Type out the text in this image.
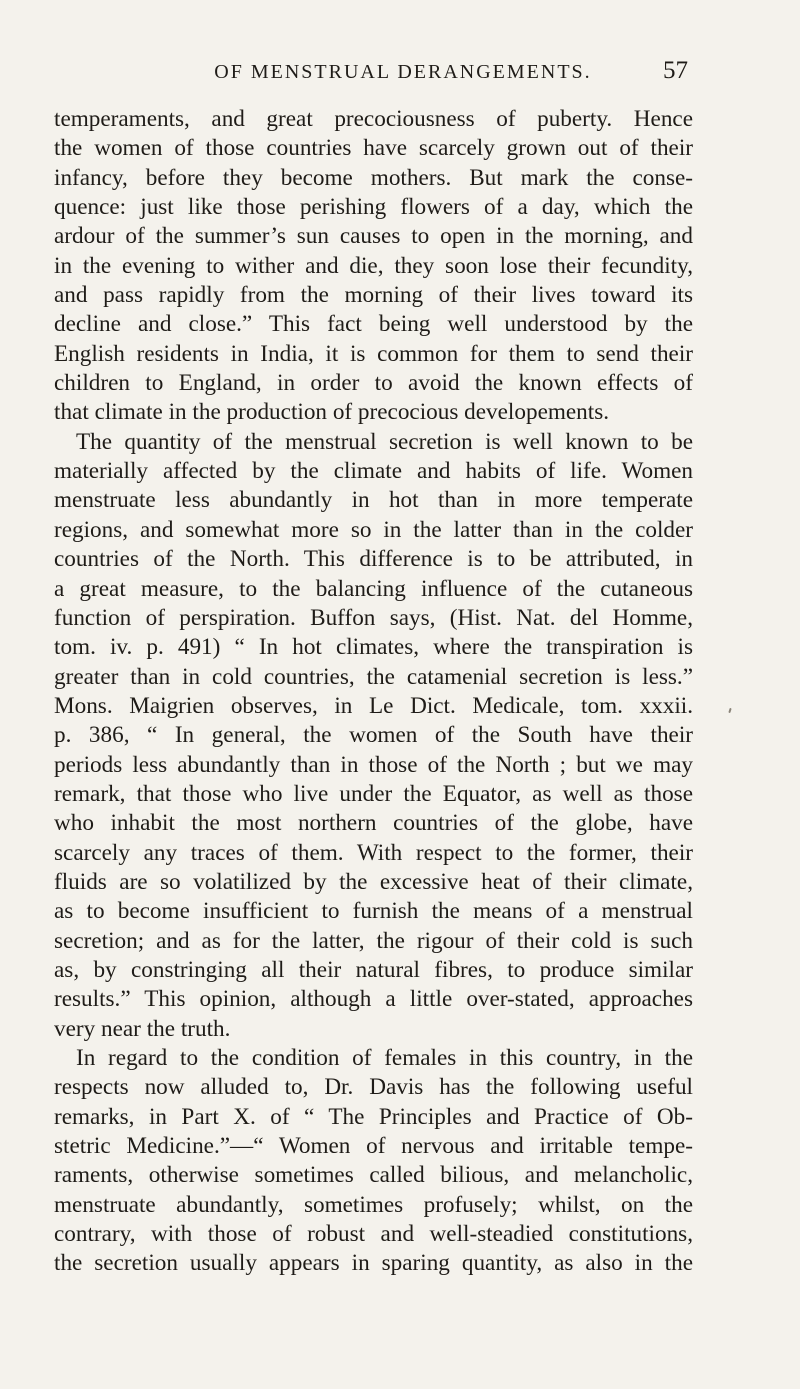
OF MENSTRUAL DERANGEMENTS.	57
temperaments, and great precociousness of puberty. Hence
the women of those countries have scarcely grown out of their
infancy, before they become mothers. But mark the conse-
quence: just like those perishing flowers of a day, which the
ardour of the summer’s sun causes to open in the morning, and
in the evening to wither and die, they soon lose their fecundity,
and pass rapidly from the morning of their lives toward its
decline and close.” This fact being well understood by the
English residents in India, it is common for them to send their
children to England, in order to avoid the known effects of
that climate in the production of precocious developements.
The quantity of the menstrual secretion is well known to be
materially affected by the climate and habits of life. Women
menstruate less abundantly in hot than in more temperate
regions, and somewhat more so in the latter than in the colder
countries of the North. This difference is to be attributed, in
a great measure, to the balancing influence of the cutaneous
function of perspiration. Buffon says, (Hist. Nat. del Homme,
tom. iv. p. 491) “ In hot climates, where the transpiration is
greater than in cold countries, the catamenial secretion is less.”
Mons. Maigrien observes, in Le Dict. Medicale, tom. xxxii.
p. 386, “ In general, the women of the South have their
periods less abundantly than in those of the North ; but we may
remark, that those who live under the Equator, as well as those
who inhabit the most northern countries of the globe, have
scarcely any traces of them. With respect to the former, their
fluids are so volatilized by the excessive heat of their climate,
as to become insufficient to furnish the means of a menstrual
secretion; and as for the latter, the rigour of their cold is such
as, by constringing all their natural fibres, to produce similar
results.” This opinion, although a little over-stated, approaches
very near the truth.
In regard to the condition of females in this country, in the
respects now alluded to, Dr. Davis has the following useful
remarks, in Part X. of “ The Principles and Practice of Ob-
stetric Medicine.”—“ Women of nervous and irritable tempe-
raments, otherwise sometimes called bilious, and melancholic,
menstruate abundantly, sometimes profusely; whilst, on the
contrary, with those of robust and well-steadied constitutions,
the secretion usually appears in sparing quantity, as also in the
